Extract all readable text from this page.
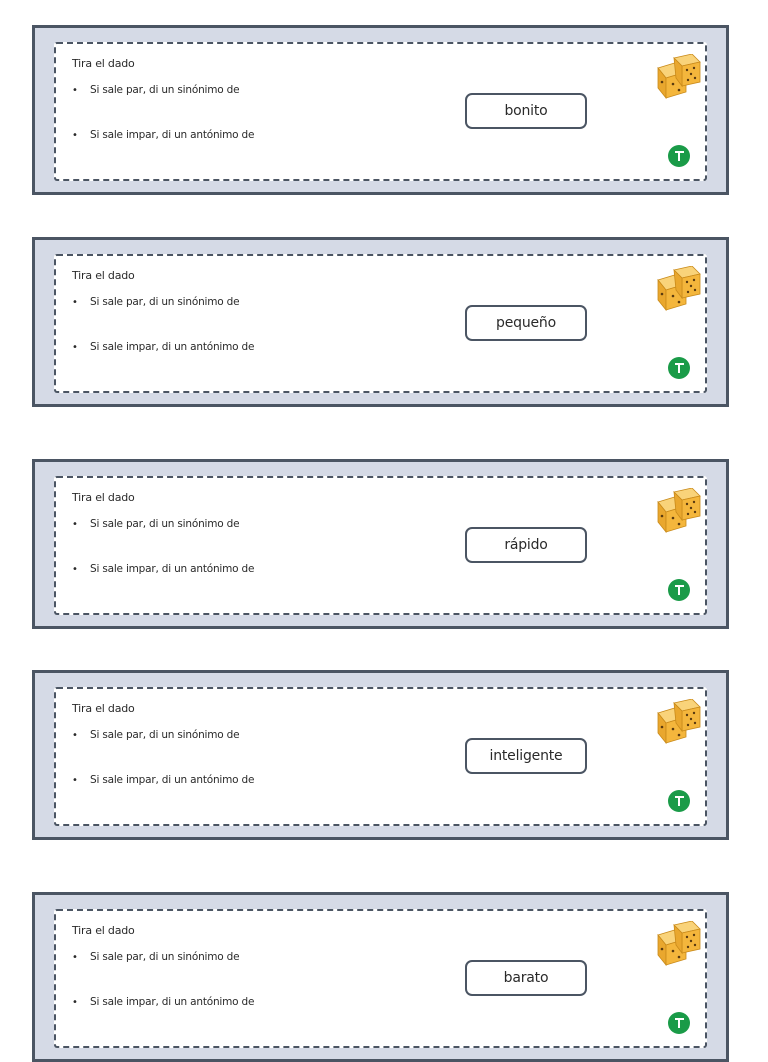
Tira el dado
• Si sale par, di un sinónimo de
• Si sale impar, di un antónimo de
bonito
Tira el dado
• Si sale par, di un sinónimo de
• Si sale impar, di un antónimo de
pequeño
Tira el dado
• Si sale par, di un sinónimo de
• Si sale impar, di un antónimo de
rápido
Tira el dado
• Si sale par, di un sinónimo de
• Si sale impar, di un antónimo de
inteligente
Tira el dado
• Si sale par, di un sinónimo de
• Si sale impar, di un antónimo de
barato
